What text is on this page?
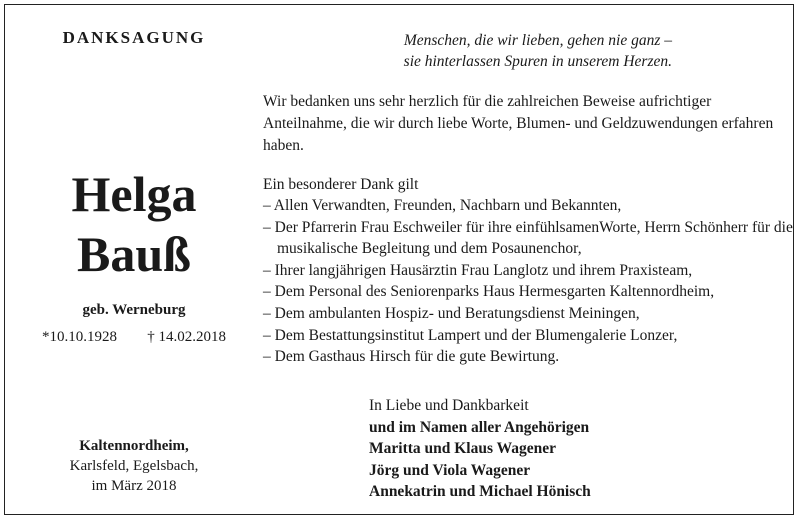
DANKSAGUNG
Helga
Bauß
geb. Werneburg
*10.10.1928 † 14.02.2018
Kaltennordheim,
Karlsfeld, Egelsbach,
im März 2018
Menschen, die wir lieben, gehen nie ganz –
sie hinterlassen Spuren in unserem Herzen.
Wir bedanken uns sehr herzlich für die zahlreichen Beweise aufrichtiger Anteilnahme, die wir durch liebe Worte, Blumen- und Geldzuwendungen erfahren haben.
Ein besonderer Dank gilt
– Allen Verwandten, Freunden, Nachbarn und Bekannten,
– Der Pfarrerin Frau Eschweiler für ihre einfühlsamenWorte, Herrn Schönherr für die musikalische Begleitung und dem Posaunenchor,
– Ihrer langjährigen Hausärztin Frau Langlotz und ihrem Praxisteam,
– Dem Personal des Seniorenparks Haus Hermesgarten Kaltennordheim,
– Dem ambulanten Hospiz- und Beratungsdienst Meiningen,
– Dem Bestattungsinstitut Lampert und der Blumengalerie Lonzer,
– Dem Gasthaus Hirsch für die gute Bewirtung.
In Liebe und Dankbarkeit
und im Namen aller Angehörigen
Maritta und Klaus Wagener
Jörg und Viola Wagener
Annekatrin und Michael Hönisch
